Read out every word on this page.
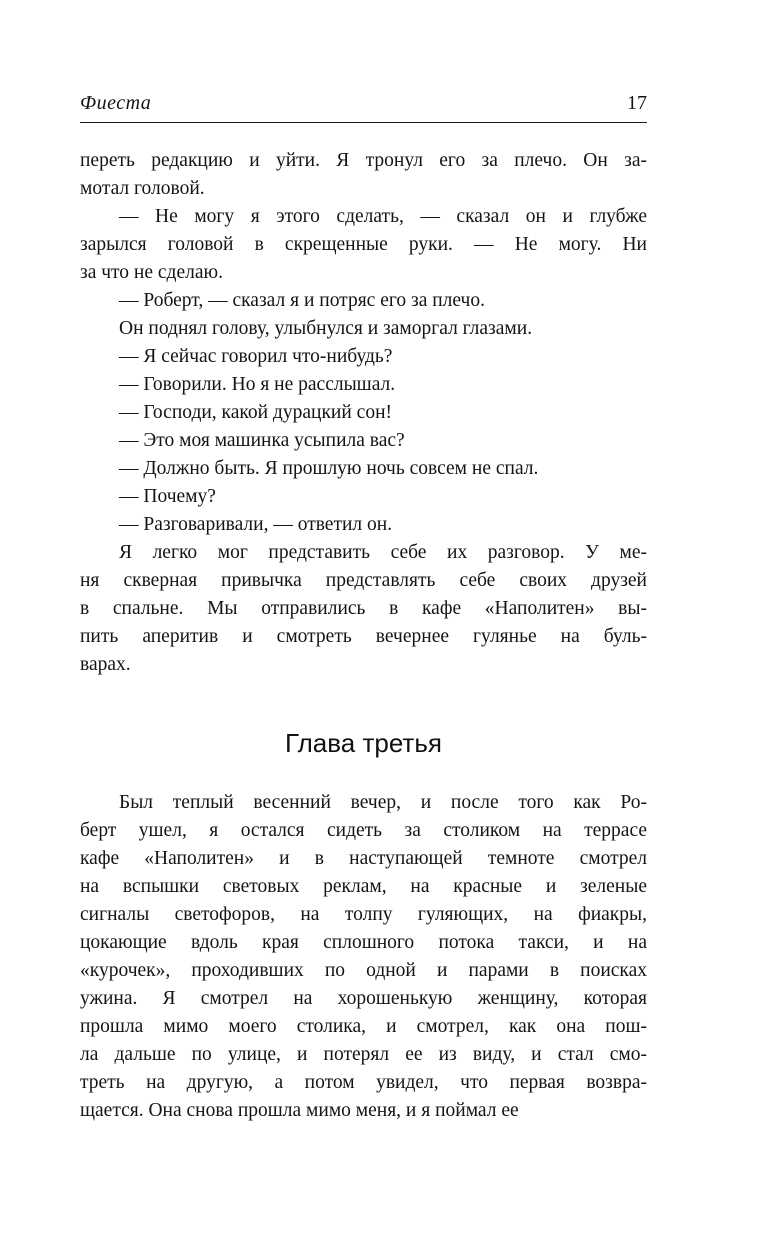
Фиеста	17

переть редакцию и уйти. Я тронул его за плечо. Он за-
мотал головой.

— Не могу я этого сделать, — сказал он и глубже
зарылся головой в скрещенные руки. — Не могу. Ни
за что не сделаю.

— Роберт, — сказал я и потряс его за плечо.

Он поднял голову, улыбнулся и заморгал глазами.

— Я сейчас говорил что-нибудь?

— Говорили. Но я не расслышал.

— Господи, какой дурацкий сон!

— Это моя машинка усыпила вас?

— Должно быть. Я прошлую ночь совсем не спал.

— Почему?

— Разговаривали, — ответил он.

Я легко мог представить себе их разговор. У ме-
ня скверная привычка представлять себе своих друзей
в спальне. Мы отправились в кафе «Наполитен» вы-
пить аперитив и смотреть вечернее гулянье на буль-
варах.

Глава третья

Был теплый весенний вечер, и после того как Ро-
берт ушел, я остался сидеть за столиком на террасе
кафе «Наполитен» и в наступающей темноте смотрел
на вспышки световых реклам, на красные и зеленые
сигналы светофоров, на толпу гуляющих, на фиакры,
цокающие вдоль края сплошного потока такси, и на
«курочек», проходивших по одной и парами в поисках
ужина. Я смотрел на хорошенькую женщину, которая
прошла мимо моего столика, и смотрел, как она пош-
ла дальше по улице, и потерял ее из виду, и стал смо-
треть на другую, а потом увидел, что первая возвра-
щается. Она снова прошла мимо меня, и я поймал ее
